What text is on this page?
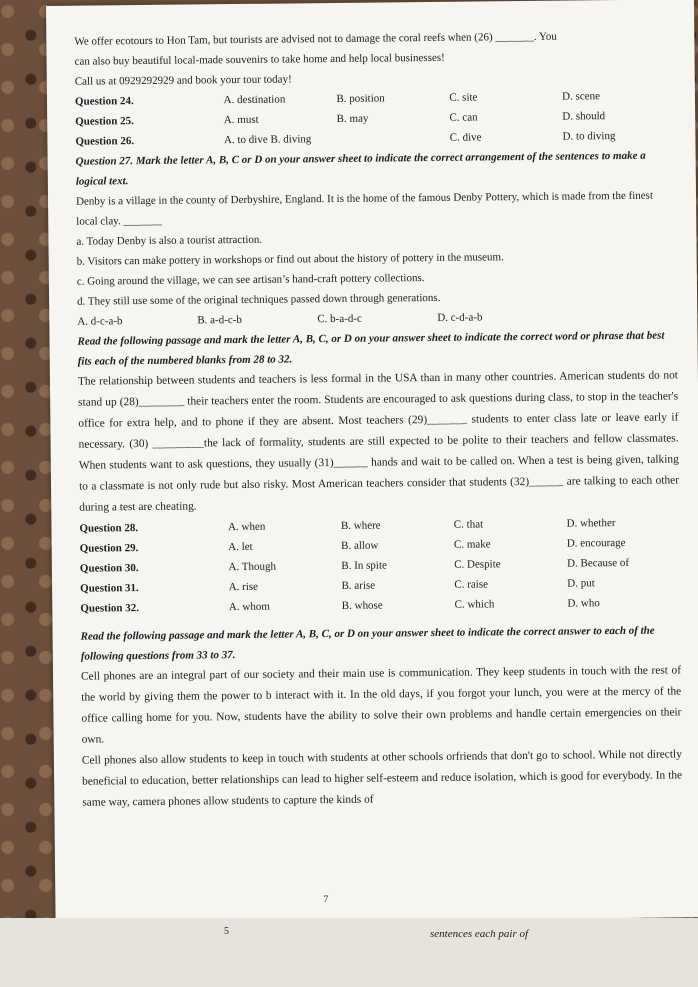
We offer ecotours to Hon Tam, but tourists are advised not to damage the coral reefs when (26) _______. You

can also buy beautiful local-made souvenirs to take home and help local businesses!

Call us at 0929292929 and book your tour today!

Question 24.	A. destination	B. position	C. site	D. scene
Question 25.	A. must	B. may	C. can	D. should
Question 26.	A. to dive B. diving	C. dive	D. to diving

Question 27. Mark the letter A, B, C or D on your answer sheet to indicate the correct arrangement of the sentences to make a logical text.

Denby is a village in the county of Derbyshire, England. It is the home of the famous Denby Pottery, which is made from the finest local clay. _______

a. Today Denby is also a tourist attraction.

b. Visitors can make pottery in workshops or find out about the history of pottery in the museum.

c. Going around the village, we can see artisan’s hand-craft pottery collections.

d. They still use some of the original techniques passed down through generations.

A. d-c-a-b	B. a-d-c-b	C. b-a-d-c	D. c-d-a-b

Read the following passage and mark the letter A, B, C, or D on your answer sheet to indicate the correct word or phrase that best fits each of the numbered blanks from 28 to 32.

The relationship between students and teachers is less formal in the USA than in many other countries. American students do not stand up (28)________ their teachers enter the room. Students are encouraged to ask questions during class, to stop in the teacher's office for extra help, and to phone if they are absent. Most teachers (29)_______ students to enter class late or leave early if necessary. (30) _________the lack of formality, students are still expected to be polite to their teachers and fellow classmates. When students want to ask questions, they usually (31)______ hands and wait to be called on. When a test is being given, talking to a classmate is not only rude but also risky. Most American teachers consider that students (32)______ are talking to each other during a test are cheating.

Question 28.	A. when	B. where	C. that	D. whether
Question 29.	A. let	B. allow	C. make	D. encourage
Question 30.	A. Though	B. In spite	C. Despite	D. Because of
Question 31.	A. rise	B. arise	C. raise	D. put
Question 32.	A. whom	B. whose	C. which	D. who

Read the following passage and mark the letter A, B, C, or D on your answer sheet to indicate the correct answer to each of the following questions from 33 to 37.

Cell phones are an integral part of our society and their main use is communication. They keep students in touch with the rest of the world by giving them the power to b interact with it. In the old days, if you forgot your lunch, you were at the mercy of the office calling home for you. Now, students have the ability to solve their own problems and handle certain emergencies on their own.

Cell phones also allow students to keep in touch with students at other schools orfriends that don't go to school. While not directly beneficial to education, better relationships can lead to higher self-esteem and reduce isolation, which is good for everybody. In the same way, camera phones allow students to capture the kinds of

7
5	sentences each pair of
